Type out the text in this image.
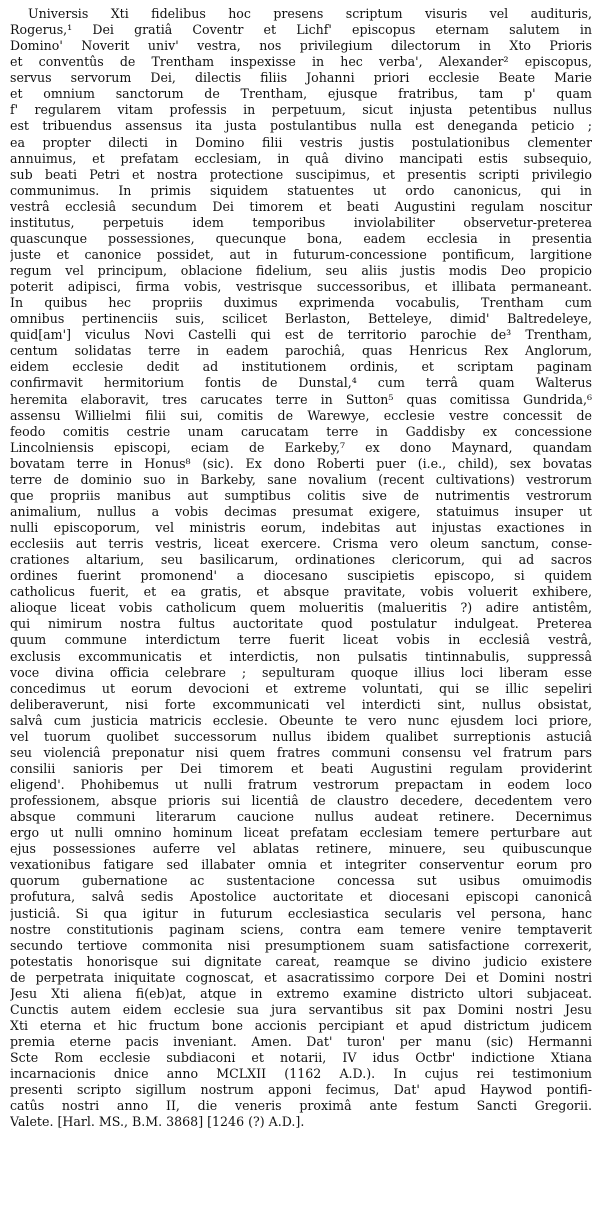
Universis Xti fidelibus hoc presens scriptum visuris vel audituris,
Rogerus,¹ Dei gratiâ Coventr et Lichf' episcopus eternam salutem in
Domino' Noverit univ' vestra, nos privilegium dilectorum in Xto Prioris
et conventûs de Trentham inspexisse in hec verba', Alexander² episcopus,
servus servorum Dei, dilectis filiis Johanni priori ecclesie Beate Marie
et omnium sanctorum de Trentham, ejusque fratribus, tam p' quam
f' regularem vitam professis in perpetuum, sicut injusta petentibus nullus
est tribuendus assensus ita justa postulantibus nulla est deneganda peticio ;
ea propter dilecti in Domino filii vestris justis postulationibus clementer
annuimus, et prefatam ecclesiam, in quâ divino mancipati estis subsequio,
sub beati Petri et nostra protectione suscipimus, et presentis scripti privilegio
communimus. In primis siquidem statuentes ut ordo canonicus, qui in
vestrâ ecclesiâ secundum Dei timorem et beati Augustini regulam noscitur
institutus, perpetuis idem temporibus inviolabiliter observetur-preterea
quascunque possessiones, quecunque bona, eadem ecclesia in presentia
juste et canonice possidet, aut in futurum-concessione pontificum, largitione
regum vel principum, oblacione fidelium, seu aliis justis modis Deo propicio
poterit adipisci, firma vobis, vestrisque successoribus, et illibata permaneant.
In quibus hec propriis duximus exprimenda vocabulis, Trentham cum
omnibus pertinenciis suis, scilicet Berlaston, Betteleye, dimid' Baltredeleye,
quid[am'] viculus Novi Castelli qui est de territorio parochie de³ Trentham,
centum solidatas terre in eadem parochiâ, quas Henricus Rex Anglorum,
eidem ecclesie dedit ad institutionem ordinis, et scriptam paginam
confirmavit hermitorium fontis de Dunstal,⁴ cum terrâ quam Walterus
heremita elaboravit, tres carucates terre in Sutton⁵ quas comitissa Gundrida,⁶
assensu Willielmi filii sui, comitis de Warewye, ecclesie vestre concessit de
feodo comitis cestrie unam carucatam terre in Gaddisby ex concessione
Lincolniensis episcopi, eciam de Earkeby,⁷ ex dono Maynard, quandam
bovatam terre in Honus⁸ (sic). Ex dono Roberti puer (i.e., child), sex bovatas
terre de dominio suo in Barkeby, sane novalium (recent cultivations) vestrorum
que propriis manibus aut sumptibus colitis sive de nutrimentis vestrorum
animalium, nullus a vobis decimas presumat exigere, statuimus insuper ut
nulli episcoporum, vel ministris eorum, indebitas aut injustas exactiones in
ecclesiis aut terris vestris, liceat exercere. Crisma vero oleum sanctum, conse-
crationes altarium, seu basilicarum, ordinationes clericorum, qui ad sacros
ordines fuerint promonend' a diocesano suscipietis episcopo, si quidem
catholicus fuerit, et ea gratis, et absque pravitate, vobis voluerit exhibere,
alioque liceat vobis catholicum quem molueritis (malueritis ?) adire antistêm,
qui nimirum nostra fultus auctoritate quod postulatur indulgeat. Preterea
quum commune interdictum terre fuerit liceat vobis in ecclesiâ vestrâ,
exclusis excommunicatis et interdictis, non pulsatis tintinnabulis, suppressâ
voce divina officia celebrare ; sepulturam quoque illius loci liberam esse
concedimus ut eorum devocioni et extreme voluntati, qui se illic sepeliri
deliberaverunt, nisi forte excommunicati vel interdicti sint, nullus obsistat,
salvâ cum justicia matricis ecclesie. Obeunte te vero nunc ejusdem loci priore,
vel tuorum quolibet successorum nullus ibidem qualibet surreptionis astuciâ
seu violenciâ preponatur nisi quem fratres communi consensu vel fratrum pars
consilii sanioris per Dei timorem et beati Augustini regulam providerint
eligend'. Phohibemus ut nulli fratrum vestrorum prepactam in eodem loco
professionem, absque prioris sui licentiâ de claustro decedere, decedentem vero
absque communi literarum caucione nullus audeat retinere. Decernimus
ergo ut nulli omnino hominum liceat prefatam ecclesiam temere perturbare aut
ejus possessiones auferre vel ablatas retinere, minuere, seu quibuscunque
vexationibus fatigare sed illabater omnia et integriter conserventur eorum pro
quorum gubernatione ac sustentacione concessa sut usibus omuimodis
profutura, salvâ sedis Apostolice auctoritate et diocesani episcopi canonicâ
justiciâ. Si qua igitur in futurum ecclesiastica secularis vel persona, hanc
nostre constitutionis paginam sciens, contra eam temere venire temptaverit
secundo tertiove commonita nisi presumptionem suam satisfactione correxerit,
potestatis honorisque sui dignitate careat, reamque se divino judicio existere
de perpetrata iniquitate cognoscat, et asacratissimo corpore Dei et Domini nostri
Jesu Xti aliena fi(eb)at, atque in extremo examine districto ultori subjaceat.
Cunctis autem eidem ecclesie sua jura servantibus sit pax Domini nostri Jesu
Xti eterna et hic fructum bone accionis percipiant et apud districtum judicem
premia eterne pacis inveniant. Amen. Dat' turon' per manu (sic) Hermanni
Scte Rom ecclesie subdiaconi et notarii, IV idus Octbr' indictione Xtiana
incarnacionis dnice anno MCLXII (1162 A.D.). In cujus rei testimonium
presenti scripto sigillum nostrum apponi fecimus, Dat' apud Haywod pontifi-
catûs nostri anno II, die veneris proximâ ante festum Sancti Gregorii.
Valete. [Harl. MS., B.M. 3868] [1246 (?) A.D.].
